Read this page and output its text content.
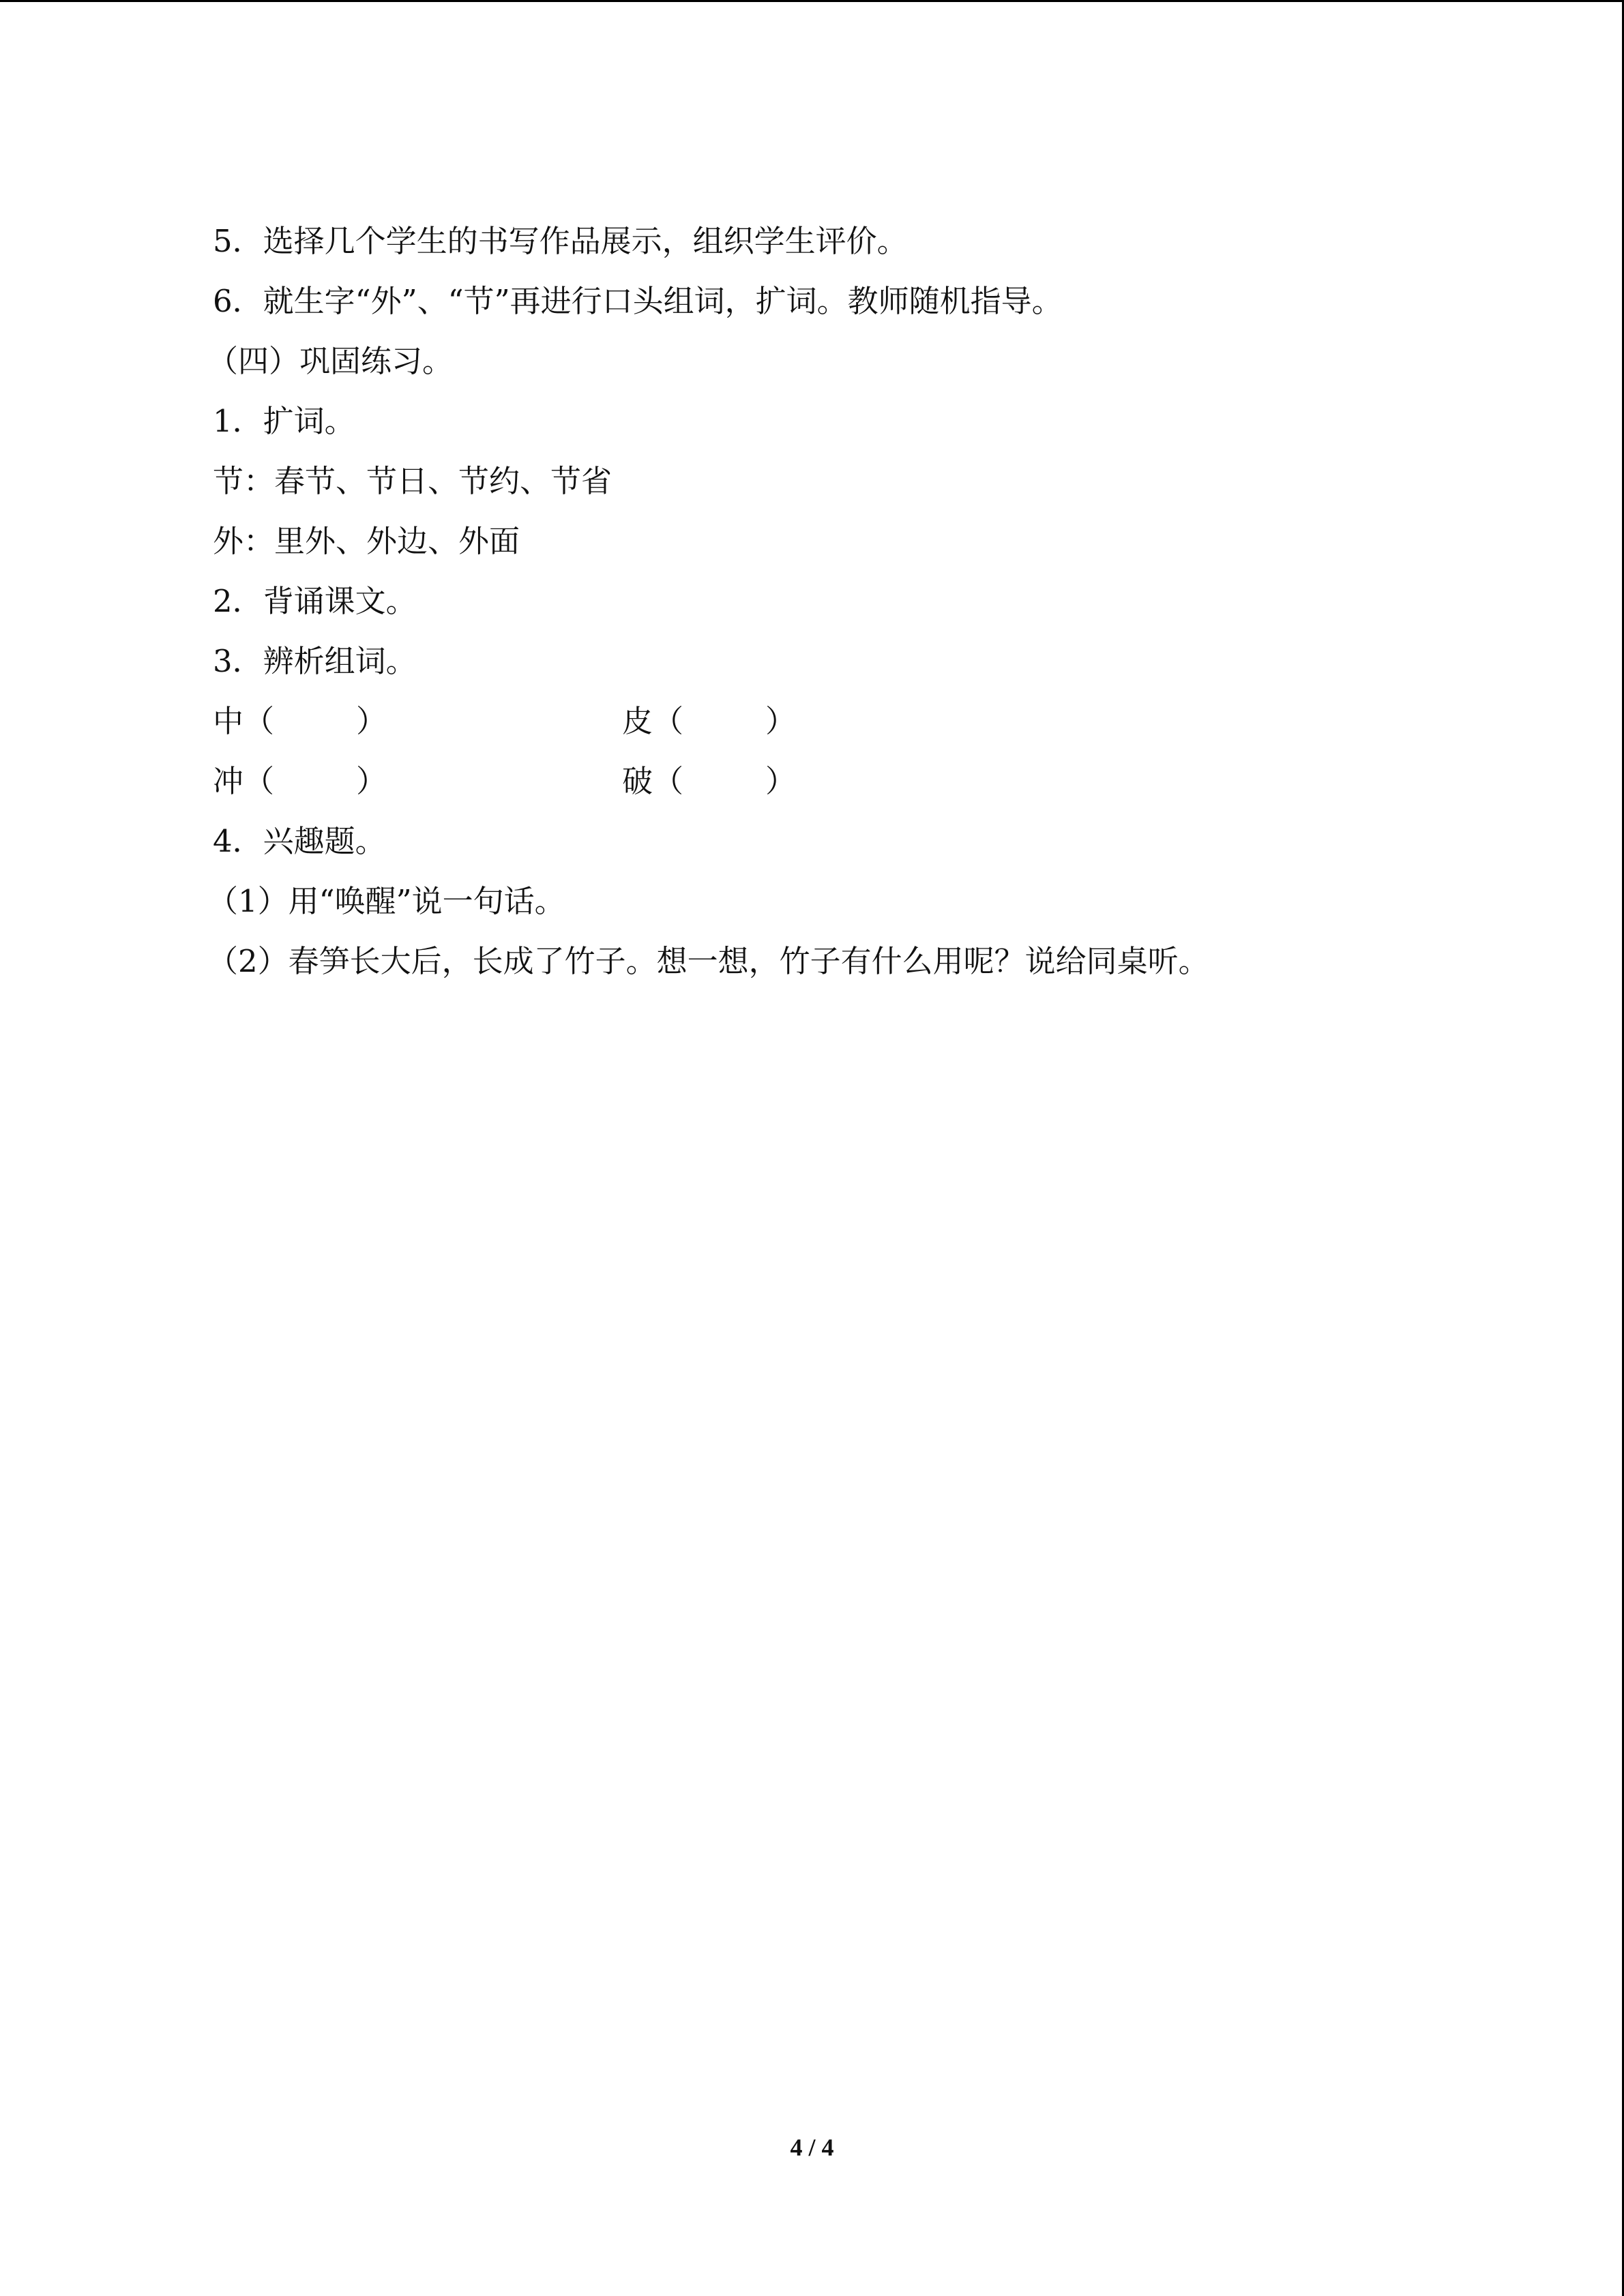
5．选择几个学生的书写作品展示，组织学生评价。
6．就生字“外”、“节”再进行口头组词，扩词。教师随机指导。
（四）巩固练习。
1．扩词。
节：春节、节日、节约、节省
外：里外、外边、外面
2．背诵课文。
3．辨析组词。
中（	）	皮（	）
冲（	）	破（	）
4．兴趣题。
（1）用“唤醒”说一句话。
（2）春笋长大后，长成了竹子。想一想，竹子有什么用呢？说给同桌听。
4 / 4
